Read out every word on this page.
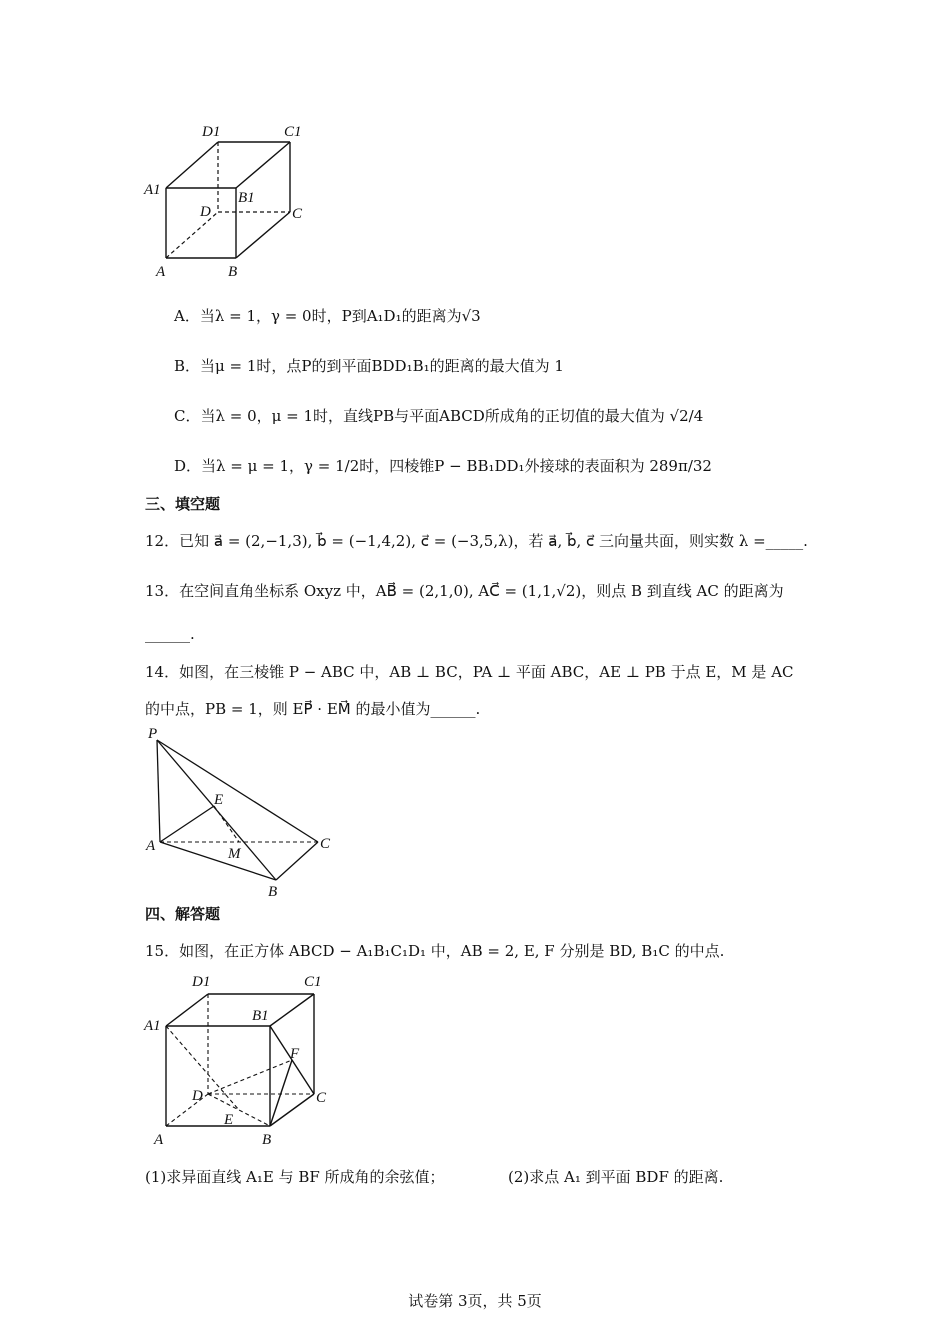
D1	C1
A1	B1
D	C
A	B
A．当λ = 1，γ = 0时，P到A₁D₁的距离为√3
B．当μ = 1时，点P的到平面BDD₁B₁的距离的最大值为 1
C．当λ = 0，μ = 1时，直线PB与平面ABCD所成角的正切值的最大值为 √2/4
D．当λ = μ = 1，γ = 1/2时，四棱锥P − BB₁DD₁外接球的表面积为 289π/32
三、填空题
12．已知 a⃗ = (2,−1,3), b⃗ = (−1,4,2), c⃗ = (−3,5,λ)，若 a⃗, b⃗, c⃗ 三向量共面，则实数 λ =_____.
13．在空间直角坐标系 Oxyz 中，AB⃗ = (2,1,0), AC⃗ = (1,1,√2)，则点 B 到直线 AC 的距离为
______.
14．如图，在三棱锥 P − ABC 中，AB ⊥ BC，PA ⊥ 平面 ABC，AE ⊥ PB 于点 E，M 是 AC
的中点，PB = 1，则 EP⃗ · EM⃗ 的最小值为______.
P
E
A	M
C
B
四、解答题
15．如图，在正方体 ABCD − A₁B₁C₁D₁ 中，AB = 2, E, F 分别是 BD, B₁C 的中点.
D1	C1
A1
B1
F
D	C
E
A	B
(1)求异面直线 A₁E 与 BF 所成角的余弦值；	(2)求点 A₁ 到平面 BDF 的距离.
试卷第 3页，共 5页
